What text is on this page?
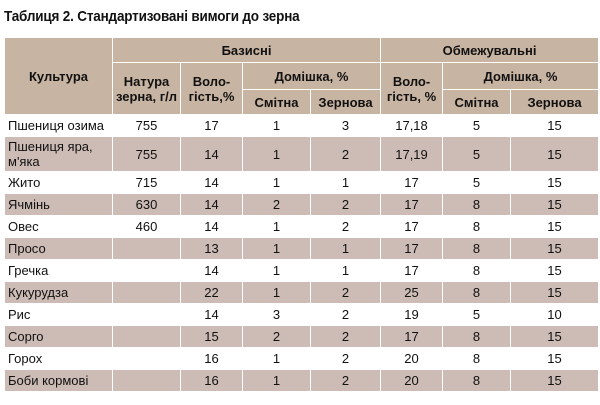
Таблиця 2. Стандартизовані вимоги до зерна
Культура	Базисні				Обмежувальні		
	Натура зерна, г/л	Волo-гість,%	Домішка, %		Воло-гість, %	Домішка, %	
			Смітна	Зернова		Смітна	Зернова
Пшениця озима	755	17	1	3	17,18	5	15
Пшениця яра, м'яка	755	14	1	2	17,19	5	15
Жито	715	14	1	1	17	5	15
Ячмінь	630	14	2	2	17	8	15
Овес	460	14	1	2	17	8	15
Просо		13	1	1	17	8	15
Гречка		14	1	1	17	8	15
Кукурудза		22	1	2	25	8	15
Рис		14	3	2	19	5	10
Сорго		15	2	2	17	8	15
Горох		16	1	2	20	8	15
Боби кормові		16	1	2	20	8	15
